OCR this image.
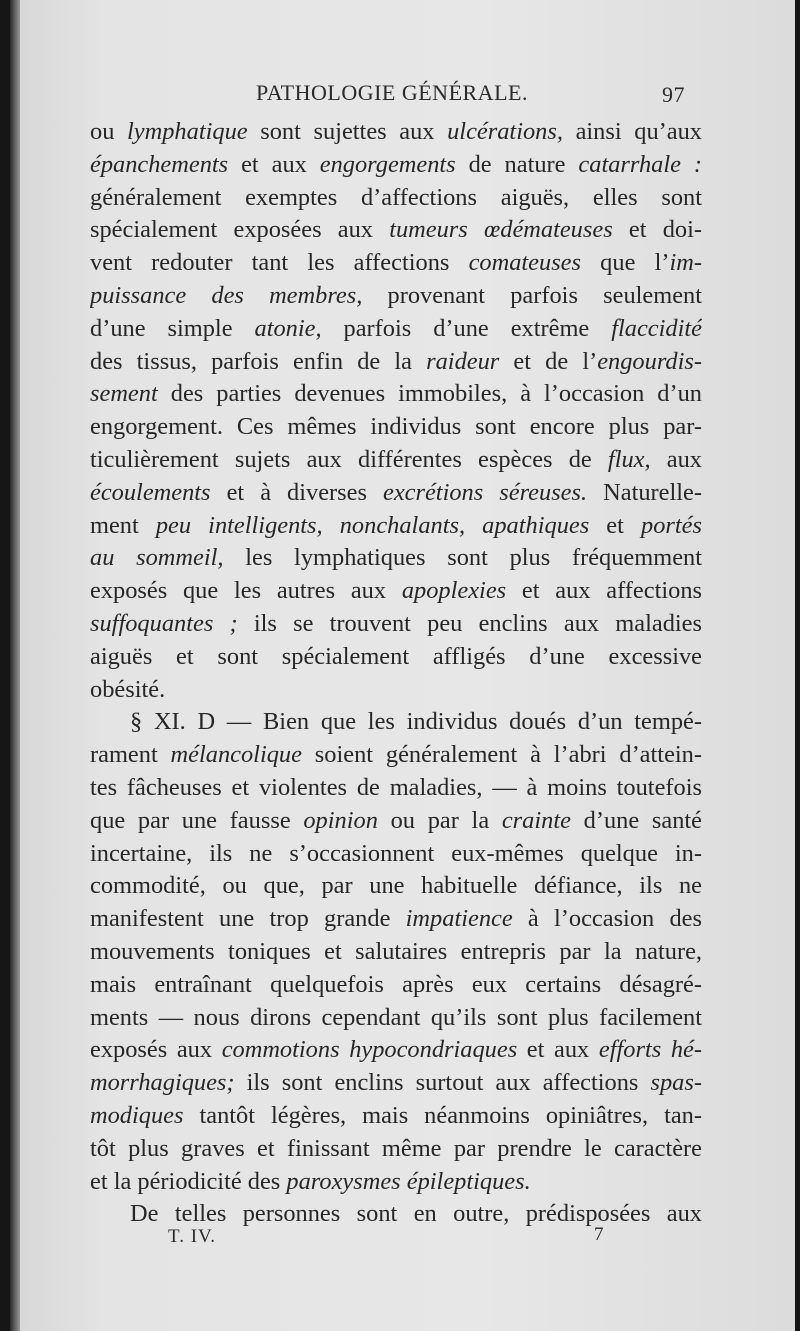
PATHOLOGIE GÉNÉRALE.	97
ou lymphatique sont sujettes aux ulcérations, ainsi qu’aux
épanchements et aux engorgements de nature catarrhale :
généralement exemptes d’affections aiguës, elles sont
spécialement exposées aux tumeurs œdémateuses et doi-
vent redouter tant les affections comateuses que l’im-
puissance des membres, provenant parfois seulement
d’une simple atonie, parfois d’une extrême flaccidité
des tissus, parfois enfin de la raideur et de l’engourdis-
sement des parties devenues immobiles, à l’occasion d’un
engorgement. Ces mêmes individus sont encore plus par-
ticulièrement sujets aux différentes espèces de flux, aux
écoulements et à diverses excrétions séreuses. Naturelle-
ment peu intelligents, nonchalants, apathiques et portés
au sommeil, les lymphatiques sont plus fréquemment
exposés que les autres aux apoplexies et aux affections
suffoquantes ; ils se trouvent peu enclins aux maladies
aiguës et sont spécialement affligés d’une excessive
obésité.
§ XI. D — Bien que les individus doués d’un tempé-
rament mélancolique soient généralement à l’abri d’attein-
tes fâcheuses et violentes de maladies, — à moins toutefois
que par une fausse opinion ou par la crainte d’une santé
incertaine, ils ne s’occasionnent eux-mêmes quelque in-
commodité, ou que, par une habituelle défiance, ils ne
manifestent une trop grande impatience à l’occasion des
mouvements toniques et salutaires entrepris par la nature,
mais entraînant quelquefois après eux certains désagré-
ments — nous dirons cependant qu’ils sont plus facilement
exposés aux commotions hypocondriaques et aux efforts hé-
morrhagiques; ils sont enclins surtout aux affections spas-
modiques tantôt légères, mais néanmoins opiniâtres, tan-
tôt plus graves et finissant même par prendre le caractère
et la périodicité des paroxysmes épileptiques.
De telles personnes sont en outre, prédisposées aux
T. IV.	7
